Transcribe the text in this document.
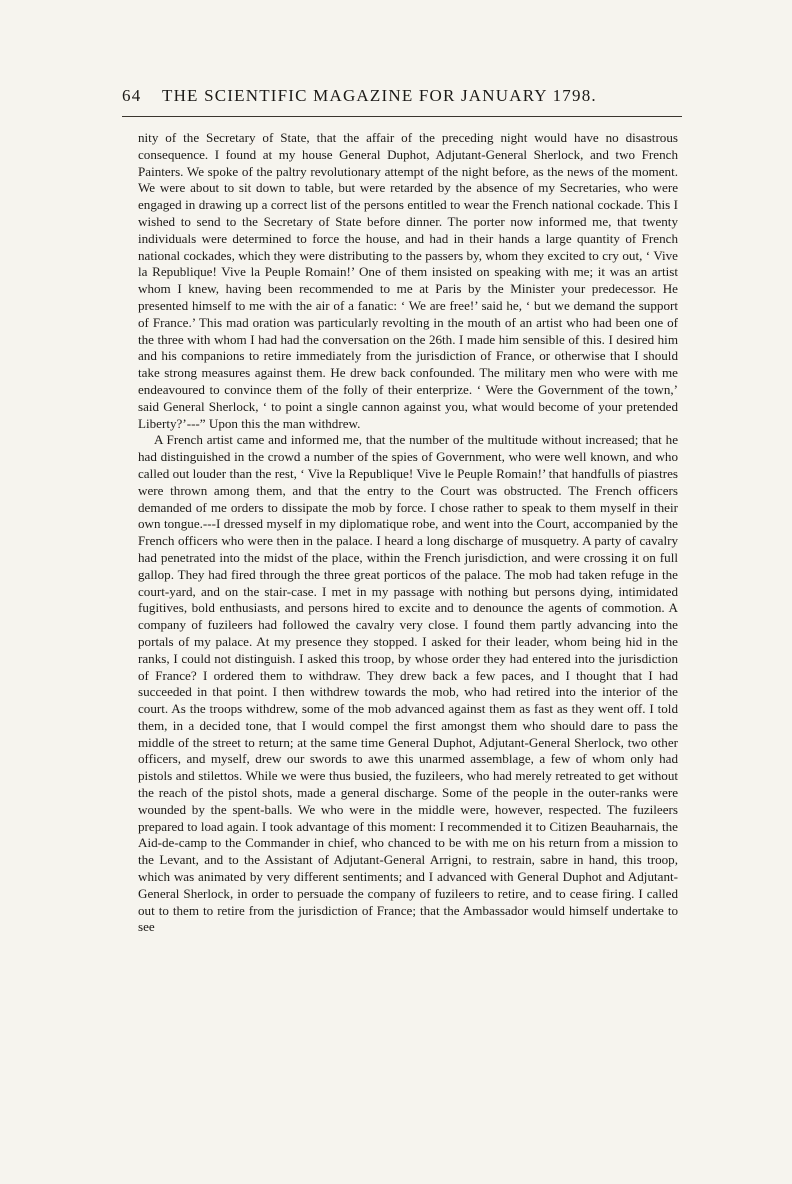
64	THE SCIENTIFIC MAGAZINE FOR JANUARY 1798.

nity of the Secretary of State, that the affair of the preceding night would have no disastrous consequence. I found at my house General Duphot, Adjutant-General Sherlock, and two French Painters. We spoke of the paltry revolutionary attempt of the night before, as the news of the moment. We were about to sit down to table, but were retarded by the absence of my Secretaries, who were engaged in drawing up a correct list of the persons entitled to wear the French national cockade. This I wished to send to the Secretary of State before dinner. The porter now informed me, that twenty individuals were determined to force the house, and had in their hands a large quantity of French national cockades, which they were distributing to the passers by, whom they excited to cry out, ‘ Vive la Republique! Vive la Peuple Romain!’ One of them insisted on speaking with me; it was an artist whom I knew, having been recommended to me at Paris by the Minister your predecessor. He presented himself to me with the air of a fanatic: ‘ We are free!’ said he, ‘ but we demand the support of France.’ This mad oration was particularly revolting in the mouth of an artist who had been one of the three with whom I had had the conversation on the 26th. I made him sensible of this. I desired him and his companions to retire immediately from the jurisdiction of France, or otherwise that I should take strong measures against them. He drew back confounded. The military men who were with me endeavoured to convince them of the folly of their enterprize. ‘ Were the Government of the town,’ said General Sherlock, ‘ to point a single cannon against you, what would become of your pretended Liberty?’---” Upon this the man withdrew.

A French artist came and informed me, that the number of the multitude without increased; that he had distinguished in the crowd a number of the spies of Government, who were well known, and who called out louder than the rest, ‘ Vive la Republique! Vive le Peuple Romain!’ that handfulls of piastres were thrown among them, and that the entry to the Court was obstructed. The French officers demanded of me orders to dissipate the mob by force. I chose rather to speak to them myself in their own tongue.---I dressed myself in my diplomatique robe, and went into the Court, accompanied by the French officers who were then in the palace. I heard a long discharge of musquetry. A party of cavalry had penetrated into the midst of the place, within the French jurisdiction, and were crossing it on full gallop. They had fired through the three great porticos of the palace. The mob had taken refuge in the court-yard, and on the stair-case. I met in my passage with nothing but persons dying, intimidated fugitives, bold enthusiasts, and persons hired to excite and to denounce the agents of commotion. A company of fuzileers had followed the cavalry very close. I found them partly advancing into the portals of my palace. At my presence they stopped. I asked for their leader, whom being hid in the ranks, I could not distinguish. I asked this troop, by whose order they had entered into the jurisdiction of France? I ordered them to withdraw. They drew back a few paces, and I thought that I had succeeded in that point. I then withdrew towards the mob, who had retired into the interior of the court. As the troops withdrew, some of the mob advanced against them as fast as they went off. I told them, in a decided tone, that I would compel the first amongst them who should dare to pass the middle of the street to return; at the same time General Duphot, Adjutant-General Sherlock, two other officers, and myself, drew our swords to awe this unarmed assemblage, a few of whom only had pistols and stilettos. While we were thus busied, the fuzileers, who had merely retreated to get without the reach of the pistol shots, made a general discharge. Some of the people in the outer-ranks were wounded by the spent-balls. We who were in the middle were, however, respected. The fuzileers prepared to load again. I took advantage of this moment: I recommended it to Citizen Beauharnais, the Aid-de-camp to the Commander in chief, who chanced to be with me on his return from a mission to the Levant, and to the Assistant of Adjutant-General Arrigni, to restrain, sabre in hand, this troop, which was animated by very different sentiments; and I advanced with General Duphot and Adjutant-General Sherlock, in order to persuade the company of fuzileers to retire, and to cease firing. I called out to them to retire from the jurisdiction of France; that the Ambassador would himself undertake to see
